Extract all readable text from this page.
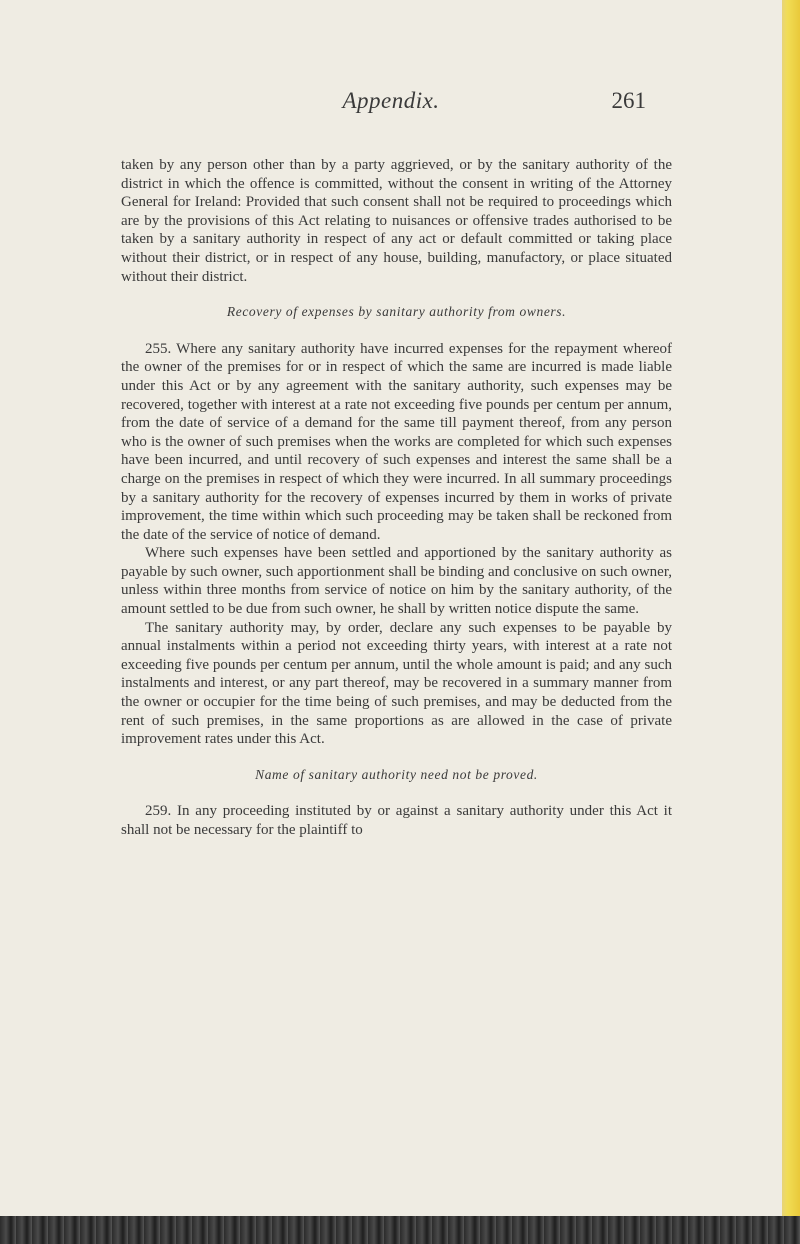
Appendix.	261

taken by any person other than by a party aggrieved, or by the sanitary authority of the district in which the offence is committed, without the consent in writing of the Attorney General for Ireland: Provided that such consent shall not be required to proceedings which are by the provisions of this Act relating to nuisances or offensive trades authorised to be taken by a sanitary authority in respect of any act or default committed or taking place without their district, or in respect of any house, building, manufactory, or place situated without their district.

Recovery of expenses by sanitary authority from owners.

255. Where any sanitary authority have incurred expenses for the repayment whereof the owner of the premises for or in respect of which the same are incurred is made liable under this Act or by any agreement with the sanitary authority, such expenses may be recovered, together with interest at a rate not exceeding five pounds per centum per annum, from the date of service of a demand for the same till payment thereof, from any person who is the owner of such premises when the works are completed for which such expenses have been incurred, and until recovery of such expenses and interest the same shall be a charge on the premises in respect of which they were incurred. In all summary proceedings by a sanitary authority for the recovery of expenses incurred by them in works of private improvement, the time within which such proceeding may be taken shall be reckoned from the date of the service of notice of demand.

Where such expenses have been settled and apportioned by the sanitary authority as payable by such owner, such apportionment shall be binding and conclusive on such owner, unless within three months from service of notice on him by the sanitary authority, of the amount settled to be due from such owner, he shall by written notice dispute the same.

The sanitary authority may, by order, declare any such expenses to be payable by annual instalments within a period not exceeding thirty years, with interest at a rate not exceeding five pounds per centum per annum, until the whole amount is paid; and any such instalments and interest, or any part thereof, may be recovered in a summary manner from the owner or occupier for the time being of such premises, and may be deducted from the rent of such premises, in the same proportions as are allowed in the case of private improvement rates under this Act.

Name of sanitary authority need not be proved.

259. In any proceeding instituted by or against a sanitary authority under this Act it shall not be necessary for the plaintiff to
